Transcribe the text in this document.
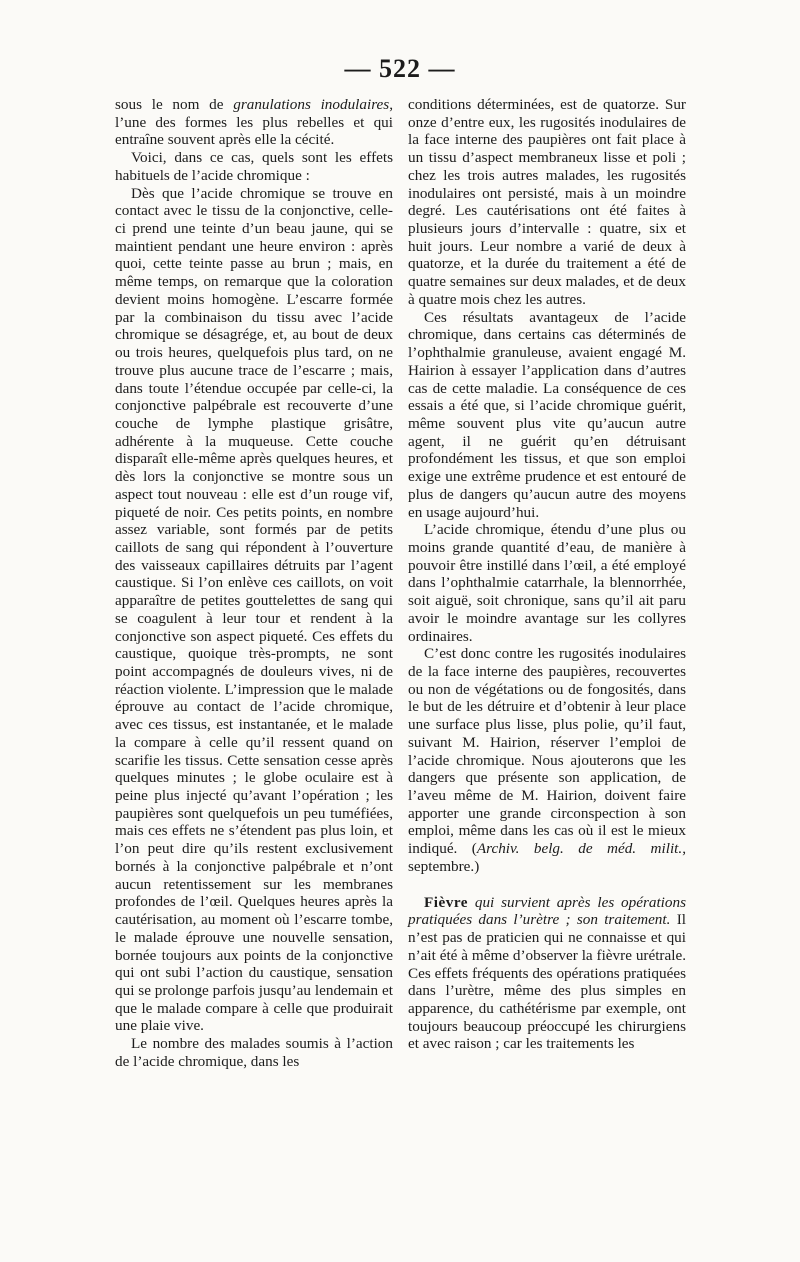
— 522 —

sous le nom de granulations inodulaires, l’une des formes les plus rebelles et qui entraîne souvent après elle la cécité.

Voici, dans ce cas, quels sont les effets habituels de l’acide chromique :

Dès que l’acide chromique se trouve en contact avec le tissu de la conjonctive, celle-ci prend une teinte d’un beau jaune, qui se maintient pendant une heure environ : après quoi, cette teinte passe au brun ; mais, en même temps, on remarque que la coloration devient moins homogène. L’escarre formée par la combinaison du tissu avec l’acide chromique se désagrége, et, au bout de deux ou trois heures, quelquefois plus tard, on ne trouve plus aucune trace de l’escarre ; mais, dans toute l’étendue occupée par celle-ci, la conjonctive palpébrale est recouverte d’une couche de lymphe plastique grisâtre, adhérente à la muqueuse. Cette couche disparaît elle-même après quelques heures, et dès lors la conjonctive se montre sous un aspect tout nouveau : elle est d’un rouge vif, piqueté de noir. Ces petits points, en nombre assez variable, sont formés par de petits caillots de sang qui répondent à l’ouverture des vaisseaux capillaires détruits par l’agent caustique. Si l’on enlève ces caillots, on voit apparaître de petites gouttelettes de sang qui se coagulent à leur tour et rendent à la conjonctive son aspect piqueté. Ces effets du caustique, quoique très-prompts, ne sont point accompagnés de douleurs vives, ni de réaction violente. L’impression que le malade éprouve au contact de l’acide chromique, avec ces tissus, est instantanée, et le malade la compare à celle qu’il ressent quand on scarifie les tissus. Cette sensation cesse après quelques minutes ; le globe oculaire est à peine plus injecté qu’avant l’opération ; les paupières sont quelquefois un peu tuméfiées, mais ces effets ne s’étendent pas plus loin, et l’on peut dire qu’ils restent exclusivement bornés à la conjonctive palpébrale et n’ont aucun retentissement sur les membranes profondes de l’œil. Quelques heures après la cautérisation, au moment où l’escarre tombe, le malade éprouve une nouvelle sensation, bornée toujours aux points de la conjonctive qui ont subi l’action du caustique, sensation qui se prolonge parfois jusqu’au lendemain et que le malade compare à celle que produirait une plaie vive.

Le nombre des malades soumis à l’action de l’acide chromique, dans les

conditions déterminées, est de quatorze. Sur onze d’entre eux, les rugosités inodulaires de la face interne des paupières ont fait place à un tissu d’aspect membraneux lisse et poli ; chez les trois autres malades, les rugosités inodulaires ont persisté, mais à un moindre degré. Les cautérisations ont été faites à plusieurs jours d’intervalle : quatre, six et huit jours. Leur nombre a varié de deux à quatorze, et la durée du traitement a été de quatre semaines sur deux malades, et de deux à quatre mois chez les autres.

Ces résultats avantageux de l’acide chromique, dans certains cas déterminés de l’ophthalmie granuleuse, avaient engagé M. Hairion à essayer l’application dans d’autres cas de cette maladie. La conséquence de ces essais a été que, si l’acide chromique guérit, même souvent plus vite qu’aucun autre agent, il ne guérit qu’en détruisant profondément les tissus, et que son emploi exige une extrême prudence et est entouré de plus de dangers qu’aucun autre des moyens en usage aujourd’hui.

L’acide chromique, étendu d’une plus ou moins grande quantité d’eau, de manière à pouvoir être instillé dans l’œil, a été employé dans l’ophthalmie catarrhale, la blennorrhée, soit aiguë, soit chronique, sans qu’il ait paru avoir le moindre avantage sur les collyres ordinaires.

C’est donc contre les rugosités inodulaires de la face interne des paupières, recouvertes ou non de végétations ou de fongosités, dans le but de les détruire et d’obtenir à leur place une surface plus lisse, plus polie, qu’il faut, suivant M. Hairion, réserver l’emploi de l’acide chromique. Nous ajouterons que les dangers que présente son application, de l’aveu même de M. Hairion, doivent faire apporter une grande circonspection à son emploi, même dans les cas où il est le mieux indiqué. (Archiv. belg. de méd. milit., septembre.)

Fièvre qui survient après les opérations pratiquées dans l’urètre ; son traitement. Il n’est pas de praticien qui ne connaisse et qui n’ait été à même d’observer la fièvre urétrale. Ces effets fréquents des opérations pratiquées dans l’urètre, même des plus simples en apparence, du cathétérisme par exemple, ont toujours beaucoup préoccupé les chirurgiens et avec raison ; car les traitements les
